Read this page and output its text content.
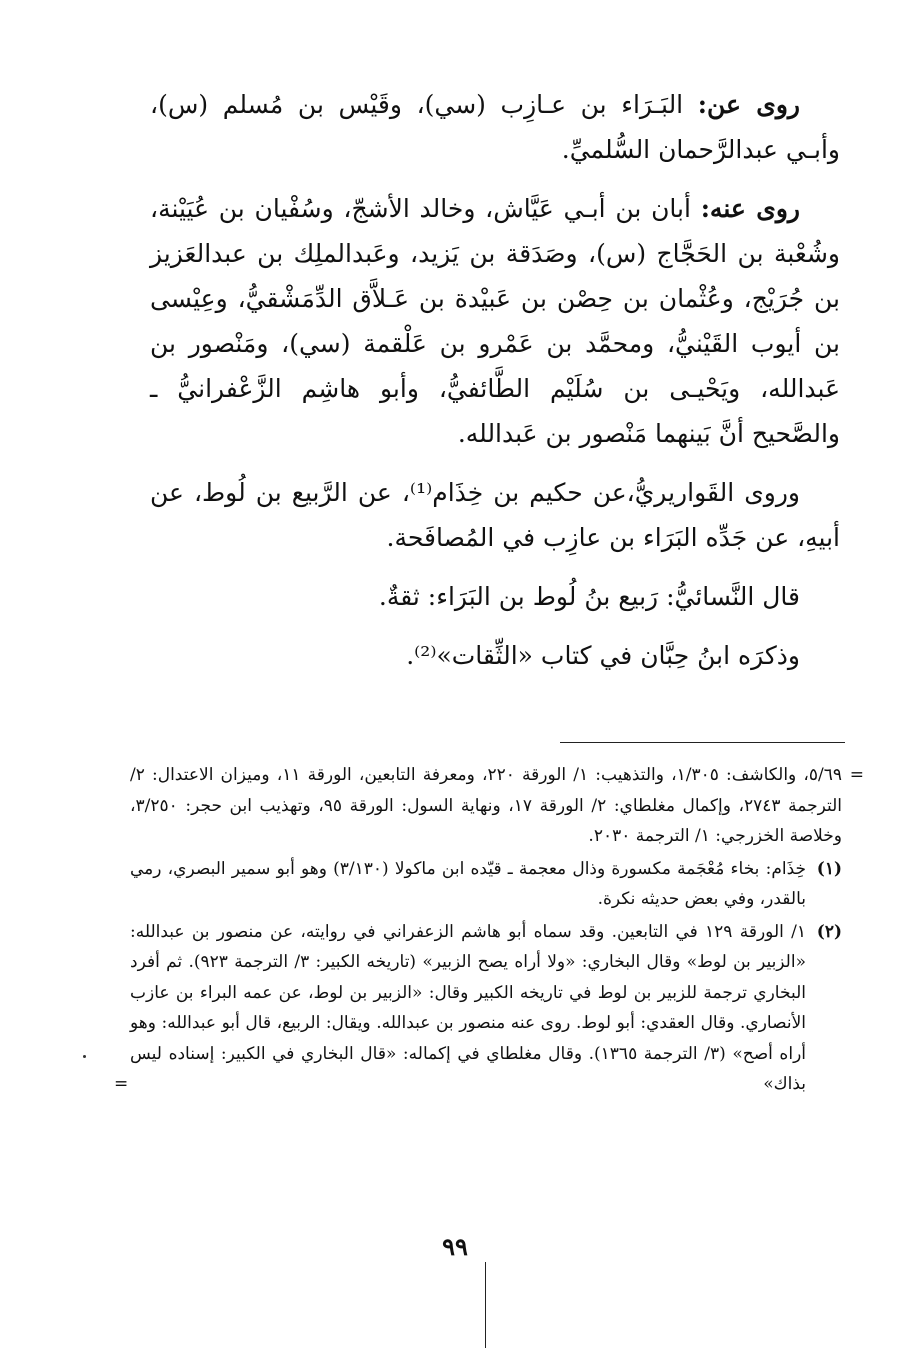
روى عن: البَـرَاء بن عـازِب (سي)، وقَيْس بن مُسلم (س)، وأبـي عبدالرَّحمان السُّلميِّ.

روى عنه: أبان بن أبـي عَيَّاش، وخالد الأشجّ، وسُفْيان بن عُيَيْنة، وشُعْبة بن الحَجَّاج (س)، وصَدَقة بن يَزيد، وعَبدالملِك بن عبدالعَزيز بن جُرَيْج، وعُثْمان بن حِصْن بن عَبيْدة بن عَـلاَّق الدِّمَشْقيُّ، وعِيْسى بن أيوب القَيْنيُّ، ومحمَّد بن عَمْرو بن عَلْقمة (سي)، ومَنْصور بن عَبدالله، ويَحْيـى بن سُلَيْم الطَّائفيُّ، وأبو هاشِم الزَّعْفرانيُّ ـ والصَّحيح أنَّ بَينهما مَنْصور بن عَبدالله.

وروى القَواريريُّ،عن حكيم بن خِذَام⁽¹⁾، عن الرَّبيع بن لُوط، عن أبيهِ، عن جَدِّه البَرَاء بن عازِب في المُصافَحة.

قال النَّسائيُّ: رَبيع بنُ لُوط بن البَرَاء: ثقةٌ.

وذكرَه ابنُ حِبَّان في كتاب «الثِّقات»⁽²⁾.

٥/٦٩، والكاشف: ١/٣٠٥، والتذهيب: ١/ الورقة ٢٢٠، ومعرفة التابعين، الورقة ١١، وميزان الاعتدال: ٢/ الترجمة ٢٧٤٣، وإكمال مغلطاي: ٢/ الورقة ١٧، ونهاية السول: الورقة ٩٥، وتهذيب ابن حجر: ٣/٢٥٠، وخلاصة الخزرجي: ١/ الترجمة ٢٠٣٠.
=

(١)
خِذَام: بخاء مُعْجَمة مكسورة وذال معجمة ـ قيّده ابن ماكولا (٣/١٣٠) وهو أبو سمير البصري، رمي بالقدر، وفي بعض حديثه نكرة.

(٢)
١/ الورقة ١٢٩ في التابعين. وقد سماه أبو هاشم الزعفراني في روايته، عن منصور بن عبدالله: «الزبير بن لوط» وقال البخاري: «ولا أراه يصح الزبير» (تاريخه الكبير: ٣/ الترجمة ٩٢٣). ثم أفرد البخاري ترجمة للزبير بن لوط في تاريخه الكبير وقال: «الزبير بن لوط، عن عمه البراء بن عازب الأنصاري. وقال العقدي: أبو لوط. روى عنه منصور بن عبدالله. ويقال: الربيع، قال أبو عبدالله: وهو أراه أصح» (٣/ الترجمة ١٣٦٥). وقال مغلطاي في إكماله: «قال البخاري في الكبير: إسناده ليس بذاك»
=

٩٩
